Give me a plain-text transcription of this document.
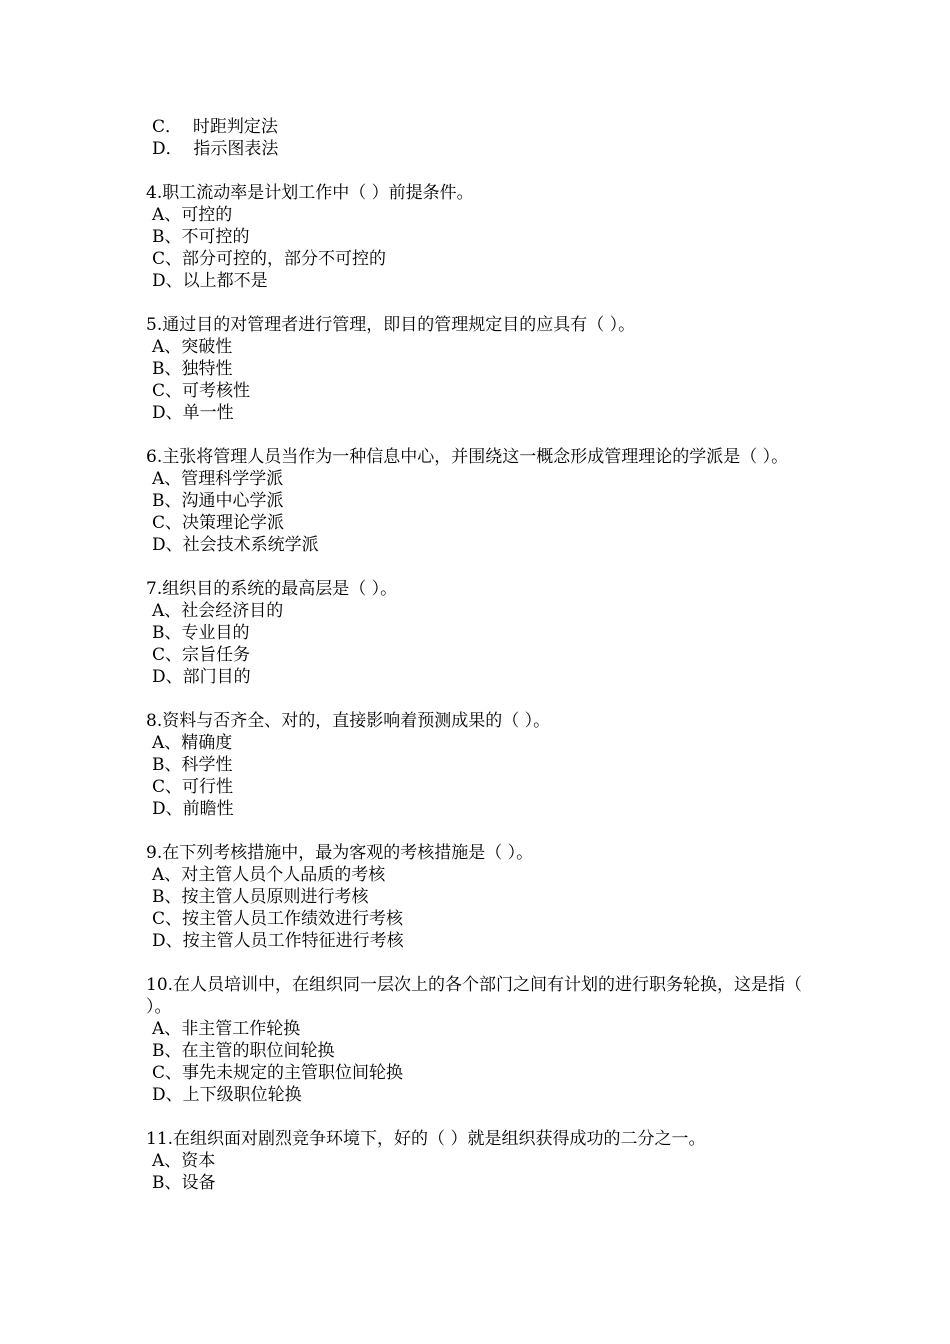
C．  时距判定法
D．  指示图表法
4.职工流动率是计划工作中（ ）前提条件。
A、可控的
B、不可控的
C、部分可控的，部分不可控的
D、以上都不是
5.通过目的对管理者进行管理，即目的管理规定目的应具有（ ）。
A、突破性
B、独特性
C、可考核性
D、单一性
6.主张将管理人员当作为一种信息中心，并围绕这一概念形成管理理论的学派是（ ）。
A、管理科学学派
B、沟通中心学派
C、决策理论学派
D、社会技术系统学派
7.组织目的系统的最高层是（ ）。
A、社会经济目的
B、专业目的
C、宗旨任务
D、部门目的
8.资料与否齐全、对的，直接影响着预测成果的（ ）。
A、精确度
B、科学性
C、可行性
D、前瞻性
9.在下列考核措施中，最为客观的考核措施是（ ）。
A、对主管人员个人品质的考核
B、按主管人员原则进行考核
C、按主管人员工作绩效进行考核
D、按主管人员工作特征进行考核
10.在人员培训中，在组织同一层次上的各个部门之间有计划的进行职务轮换，这是指（ ）。
A、非主管工作轮换
B、在主管的职位间轮换
C、事先未规定的主管职位间轮换
D、上下级职位轮换
11.在组织面对剧烈竞争环境下，好的（ ）就是组织获得成功的二分之一。
A、资本
B、设备
